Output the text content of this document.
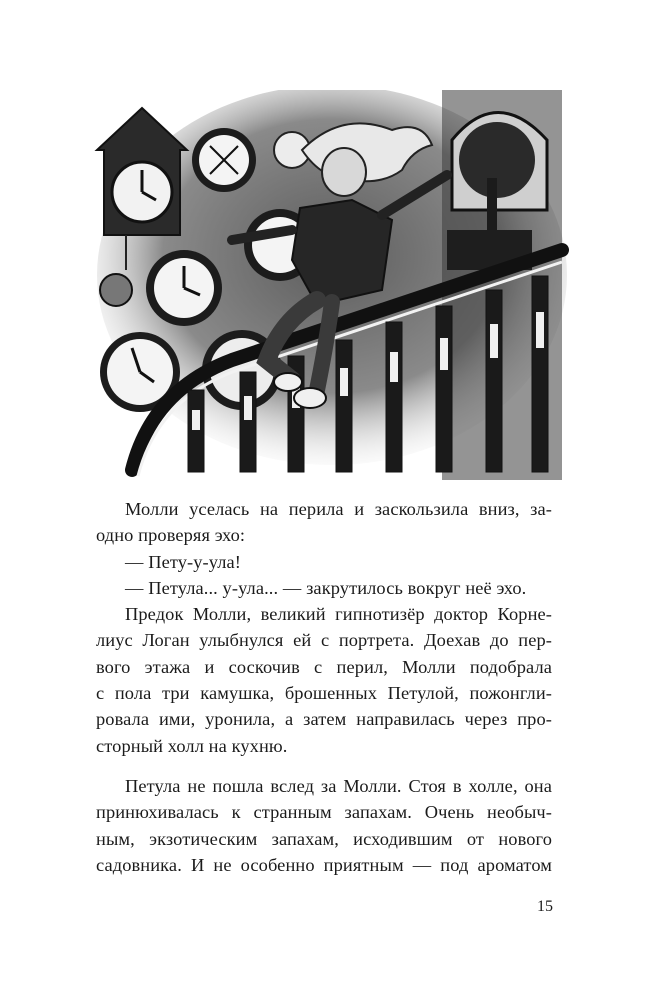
Молли уселась на перила и заскользила вниз, за-
одно проверяя эхо:
— Пету-у-ула!
— Петула... у-ула... — закрутилось вокруг неё эхо.
Предок Молли, великий гипнотизёр доктор Корне-
лиус Логан улыбнулся ей с портрета. Доехав до пер-
вого этажа и соскочив с перил, Молли подобрала
с пола три камушка, брошенных Петулой, пожонгли-
ровала ими, уронила, а затем направилась через про-
сторный холл на кухню.
Петула не пошла вслед за Молли. Стоя в холле, она
принюхивалась к странным запахам. Очень необыч-
ным, экзотическим запахам, исходившим от нового
садовника. И не особенно приятным — под ароматом
15
